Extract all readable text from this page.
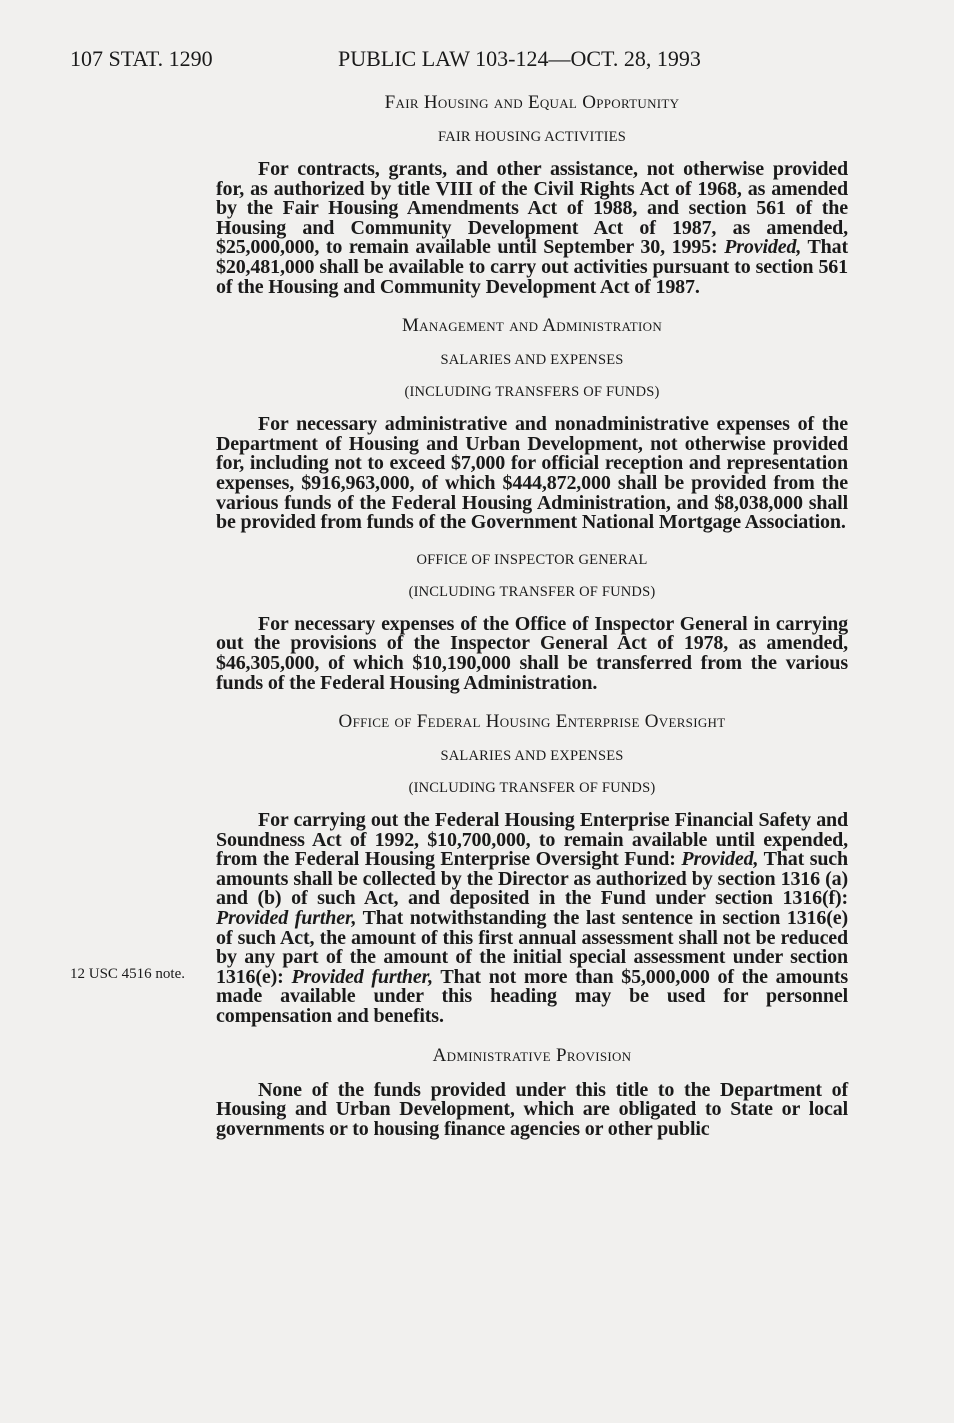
107 STAT. 1290	PUBLIC LAW 103-124—OCT. 28, 1993
12 USC 4516 note.
Fair Housing and Equal Opportunity
FAIR HOUSING ACTIVITIES

For contracts, grants, and other assistance, not otherwise provided for, as authorized by title VIII of the Civil Rights Act of 1968, as amended by the Fair Housing Amendments Act of 1988, and section 561 of the Housing and Community Development Act of 1987, as amended, $25,000,000, to remain available until September 30, 1995: Provided, That $20,481,000 shall be available to carry out activities pursuant to section 561 of the Housing and Community Development Act of 1987.

Management and Administration
SALARIES AND EXPENSES
(INCLUDING TRANSFERS OF FUNDS)

For necessary administrative and nonadministrative expenses of the Department of Housing and Urban Development, not otherwise provided for, including not to exceed $7,000 for official reception and representation expenses, $916,963,000, of which $444,872,000 shall be provided from the various funds of the Federal Housing Administration, and $8,038,000 shall be provided from funds of the Government National Mortgage Association.

OFFICE OF INSPECTOR GENERAL
(INCLUDING TRANSFER OF FUNDS)

For necessary expenses of the Office of Inspector General in carrying out the provisions of the Inspector General Act of 1978, as amended, $46,305,000, of which $10,190,000 shall be transferred from the various funds of the Federal Housing Administration.

Office of Federal Housing Enterprise Oversight
SALARIES AND EXPENSES
(INCLUDING TRANSFER OF FUNDS)

For carrying out the Federal Housing Enterprise Financial Safety and Soundness Act of 1992, $10,700,000, to remain available until expended, from the Federal Housing Enterprise Oversight Fund: Provided, That such amounts shall be collected by the Director as authorized by section 1316 (a) and (b) of such Act, and deposited in the Fund under section 1316(f): Provided further, That notwithstanding the last sentence in section 1316(e) of such Act, the amount of this first annual assessment shall not be reduced by any part of the amount of the initial special assessment under section 1316(e): Provided further, That not more than $5,000,000 of the amounts made available under this heading may be used for personnel compensation and benefits.

Administrative Provision

None of the funds provided under this title to the Department of Housing and Urban Development, which are obligated to State or local governments or to housing finance agencies or other public
